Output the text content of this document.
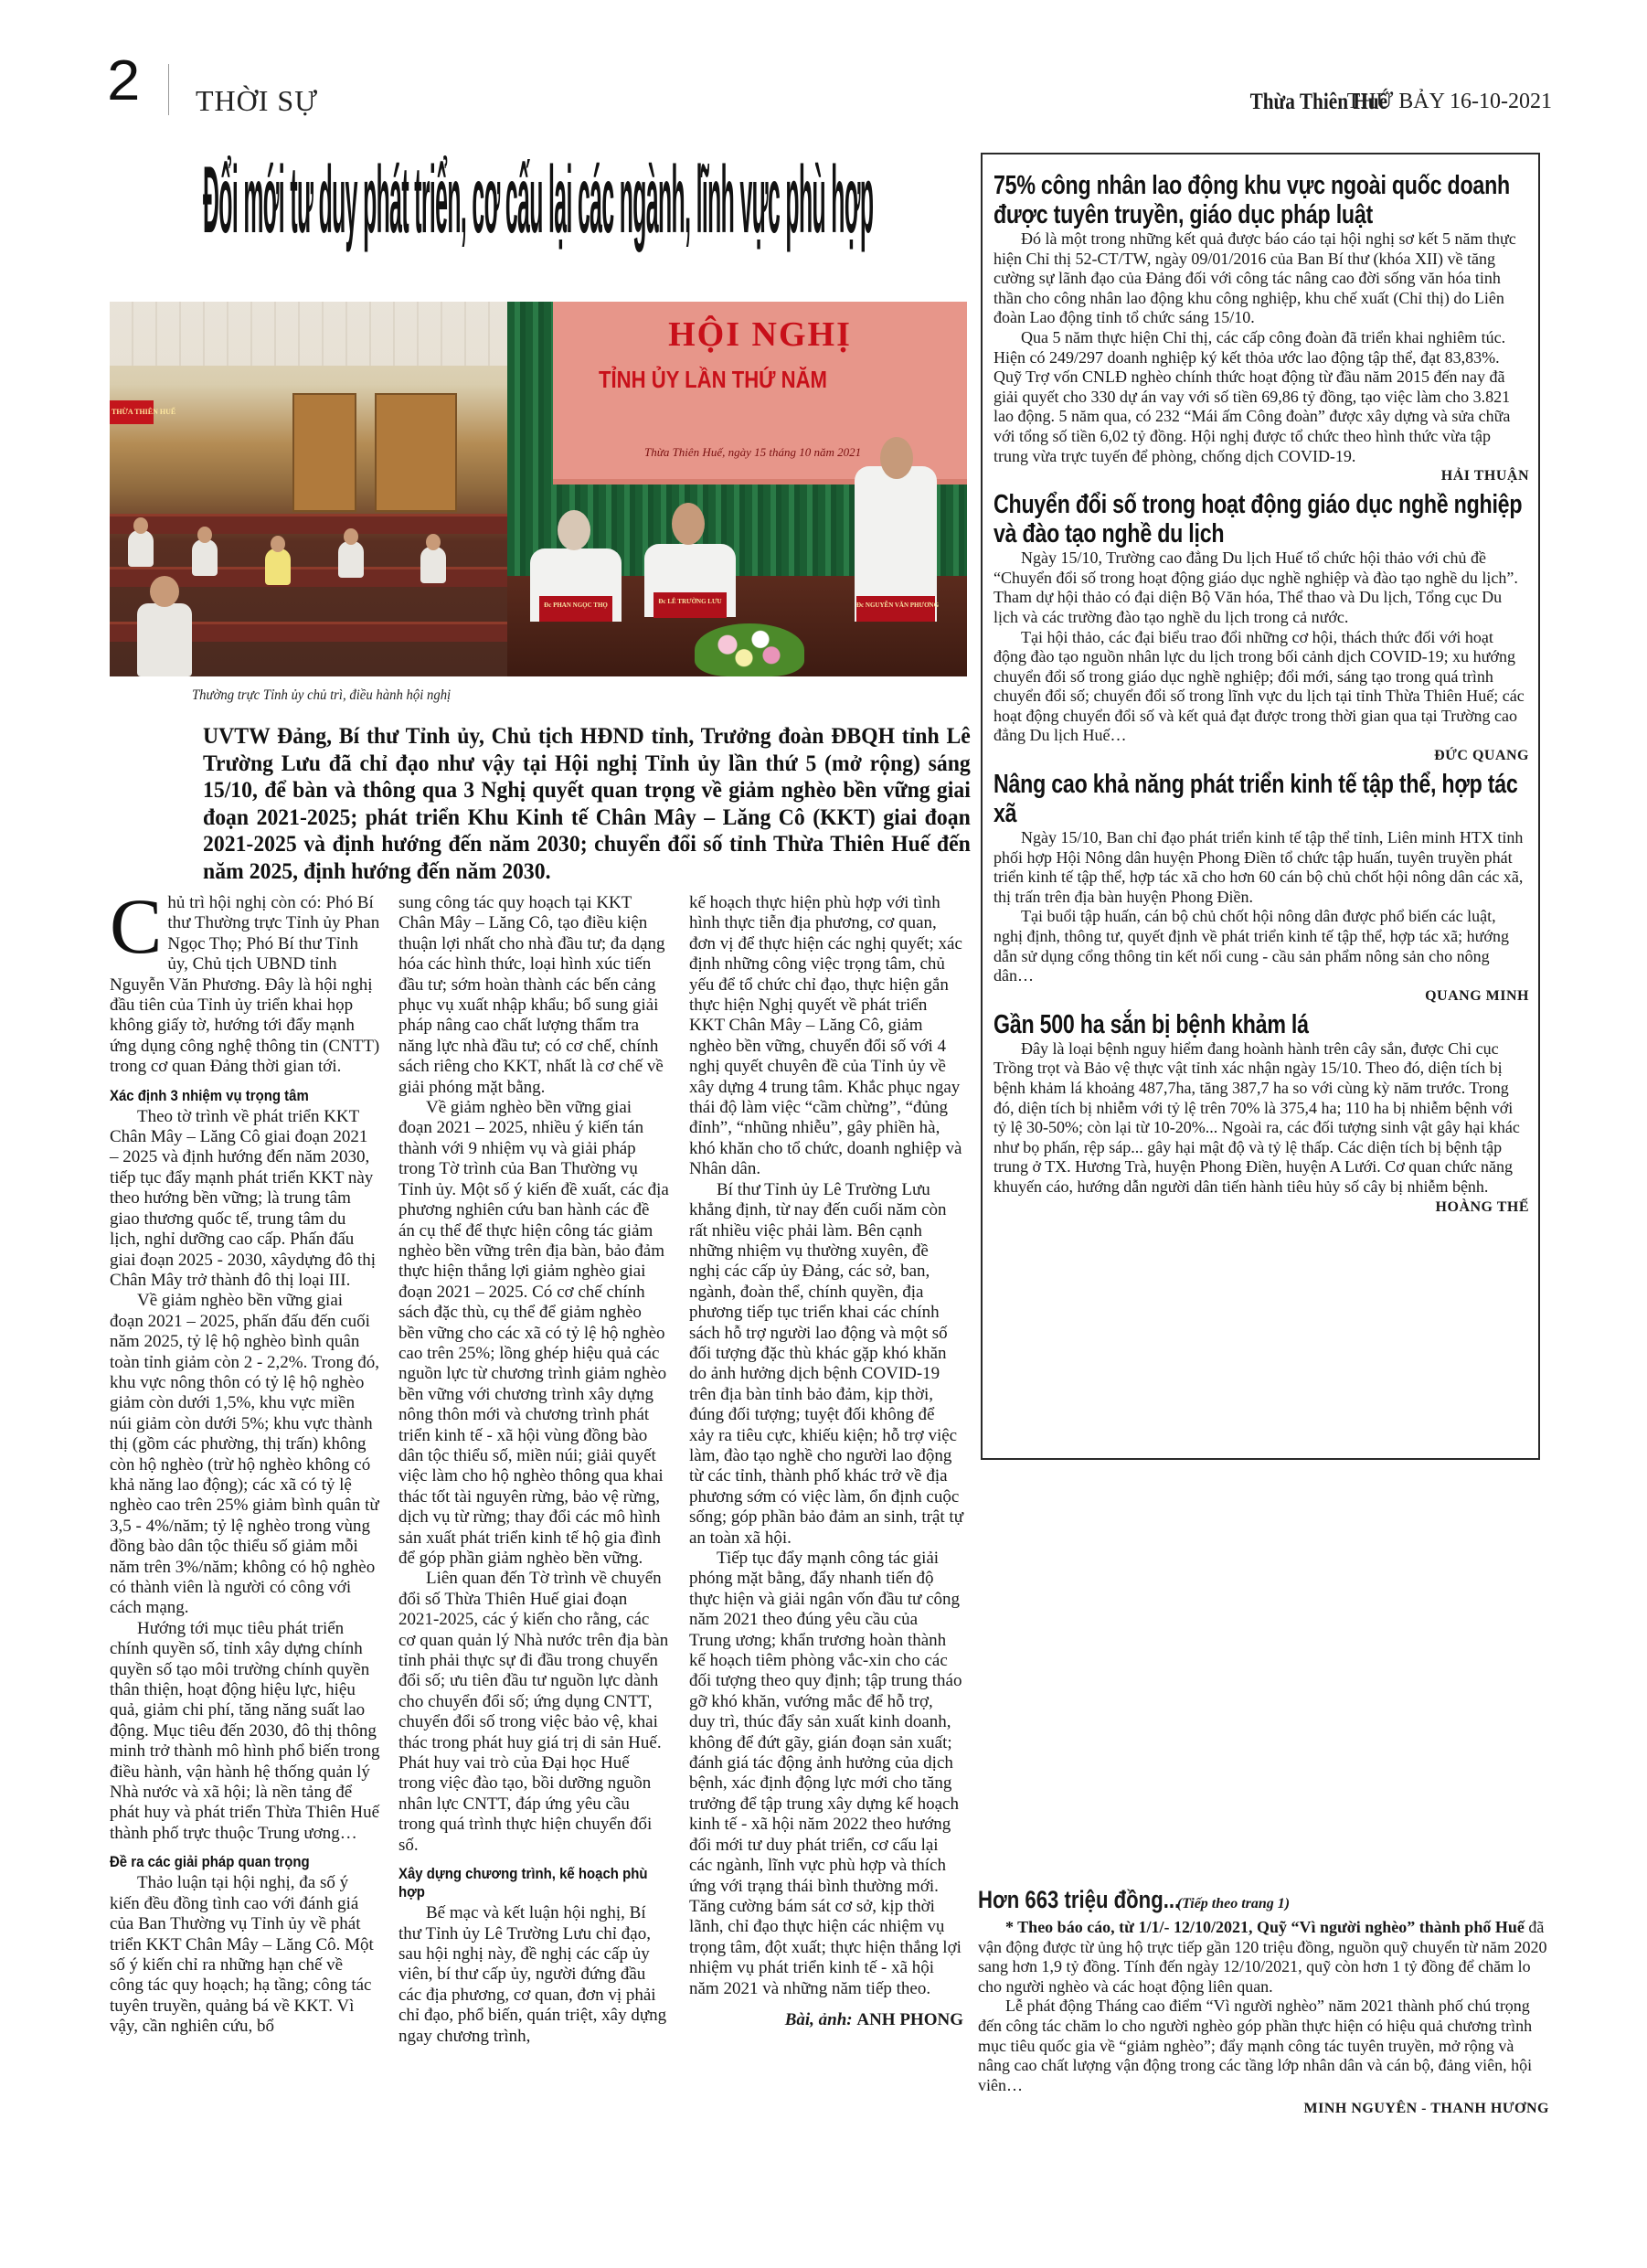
2 THỜI SỰ	Thừa Thiên Huế
THỨ BẢY 16-10-2021
Đổi mới tư duy phát triển, cơ cấu lại các ngành, lĩnh vực phù hợp
THỪA THIÊN HUẾ
HỘI NGHỊ
TỈNH ỦY LẦN THỨ NĂM
Thừa Thiên Huế, ngày 15 tháng 10 năm 2021
Đc PHAN NGỌC THỌ	Đc LÊ TRƯỜNG LƯU	Đc NGUYỄN VĂN PHƯƠNG
Thường trực Tỉnh ủy chủ trì, điều hành hội nghị
UVTW Đảng, Bí thư Tỉnh ủy, Chủ tịch HĐND tỉnh, Trưởng đoàn ĐBQH tỉnh Lê Trường Lưu đã chỉ đạo như vậy tại Hội nghị Tỉnh ủy lần thứ 5 (mở rộng) sáng 15/10, để bàn và thông qua 3 Nghị quyết quan trọng về giảm nghèo bền vững giai đoạn 2021-2025; phát triển Khu Kinh tế Chân Mây – Lăng Cô (KKT) giai đoạn 2021-2025 và định hướng đến năm 2030; chuyển đổi số tỉnh Thừa Thiên Huế đến năm 2025, định hướng đến năm 2030.

Chủ trì hội nghị còn có: Phó Bí thư Thường trực Tỉnh ủy Phan Ngọc Thọ; Phó Bí thư Tỉnh ủy, Chủ tịch UBND tỉnh Nguyễn Văn Phương. Đây là hội nghị đầu tiên của Tỉnh ủy triển khai họp không giấy tờ, hướng tới đẩy mạnh ứng dụng công nghệ thông tin (CNTT) trong cơ quan Đảng thời gian tới.

Xác định 3 nhiệm vụ trọng tâm

Theo tờ trình về phát triển KKT Chân Mây – Lăng Cô giai đoạn 2021 – 2025 và định hướng đến năm 2030, tiếp tục đẩy mạnh phát triển KKT này theo hướng bền vững; là trung tâm giao thương quốc tế, trung tâm du lịch, nghỉ dưỡng cao cấp. Phấn đấu giai đoạn 2025 - 2030, xâydựng đô thị Chân Mây trở thành đô thị loại III.

Về giảm nghèo bền vững giai đoạn 2021 – 2025, phấn đấu đến cuối năm 2025, tỷ lệ hộ nghèo bình quân toàn tỉnh giảm còn 2 - 2,2%. Trong đó, khu vực nông thôn có tỷ lệ hộ nghèo giảm còn dưới 1,5%, khu vực miền núi giảm còn dưới 5%; khu vực thành thị (gồm các phường, thị trấn) không còn hộ nghèo (trừ hộ nghèo không có khả năng lao động); các xã có tỷ lệ nghèo cao trên 25% giảm bình quân từ 3,5 - 4%/năm; tỷ lệ nghèo trong vùng đồng bào dân tộc thiểu số giảm mỗi năm trên 3%/năm; không có hộ nghèo có thành viên là người có công với cách mạng.

Hướng tới mục tiêu phát triển chính quyền số, tỉnh xây dựng chính quyền số tạo môi trường chính quyền thân thiện, hoạt động hiệu lực, hiệu quả, giảm chi phí, tăng năng suất lao động. Mục tiêu đến 2030, đô thị thông minh trở thành mô hình phổ biến trong điều hành, vận hành hệ thống quản lý Nhà nước và xã hội; là nền tảng để phát huy và phát triển Thừa Thiên Huế thành phố trực thuộc Trung ương…

Đề ra các giải pháp quan trọng

Thảo luận tại hội nghị, đa số ý kiến đều đồng tình cao với đánh giá của Ban Thường vụ Tỉnh ủy về phát triển KKT Chân Mây – Lăng Cô. Một số ý kiến chỉ ra những hạn chế về công tác quy hoạch; hạ tầng; công tác tuyên truyền, quảng bá về KKT. Vì vậy, cần nghiên cứu, bổ

sung công tác quy hoạch tại KKT Chân Mây – Lăng Cô, tạo điều kiện thuận lợi nhất cho nhà đầu tư; đa dạng hóa các hình thức, loại hình xúc tiến đầu tư; sớm hoàn thành các bến cảng phục vụ xuất nhập khẩu; bổ sung giải pháp nâng cao chất lượng thẩm tra năng lực nhà đầu tư; có cơ chế, chính sách riêng cho KKT, nhất là cơ chế về giải phóng mặt bằng.

Về giảm nghèo bền vững giai đoạn 2021 – 2025, nhiều ý kiến tán thành với 9 nhiệm vụ và giải pháp trong Tờ trình của Ban Thường vụ Tỉnh ủy. Một số ý kiến đề xuất, các địa phương nghiên cứu ban hành các đề án cụ thể để thực hiện công tác giảm nghèo bền vững trên địa bàn, bảo đảm thực hiện thắng lợi giảm nghèo giai đoạn 2021 – 2025. Có cơ chế chính sách đặc thù, cụ thể để giảm nghèo bền vững cho các xã có tỷ lệ hộ nghèo cao trên 25%; lồng ghép hiệu quả các nguồn lực từ chương trình giảm nghèo bền vững với chương trình xây dựng nông thôn mới và chương trình phát triển kinh tế - xã hội vùng đồng bào dân tộc thiểu số, miền núi; giải quyết việc làm cho hộ nghèo thông qua khai thác tốt tài nguyên rừng, bảo vệ rừng, dịch vụ từ rừng; thay đổi các mô hình sản xuất phát triển kinh tế hộ gia đình để góp phần giảm nghèo bền vững.

Liên quan đến Tờ trình về chuyển đổi số Thừa Thiên Huế giai đoạn 2021-2025, các ý kiến cho rằng, các cơ quan quản lý Nhà nước trên địa bàn tỉnh phải thực sự đi đầu trong chuyển đổi số; ưu tiên đầu tư nguồn lực dành cho chuyển đổi số; ứng dụng CNTT, chuyển đổi số trong việc bảo vệ, khai thác trong phát huy giá trị di sản Huế. Phát huy vai trò của Đại học Huế trong việc đào tạo, bồi dưỡng nguồn nhân lực CNTT, đáp ứng yêu cầu trong quá trình thực hiện chuyển đổi số.

Xây dựng chương trình, kế hoạch phù hợp

Bế mạc và kết luận hội nghị, Bí thư Tỉnh ủy Lê Trường Lưu chỉ đạo, sau hội nghị này, đề nghị các cấp ủy viên, bí thư cấp ủy, người đứng đầu các địa phương, cơ quan, đơn vị phải chỉ đạo, phổ biến, quán triệt, xây dựng ngay chương trình,

kế hoạch thực hiện phù hợp với tình hình thực tiễn địa phương, cơ quan, đơn vị để thực hiện các nghị quyết; xác định những công việc trọng tâm, chủ yếu để tổ chức chỉ đạo, thực hiện gắn thực hiện Nghị quyết về phát triển KKT Chân Mây – Lăng Cô, giảm nghèo bền vững, chuyển đổi số với 4 nghị quyết chuyên đề của Tỉnh ủy về xây dựng 4 trung tâm. Khắc phục ngay thái độ làm việc “cầm chừng”, “đủng đỉnh”, “nhũng nhiễu”, gây phiền hà, khó khăn cho tổ chức, doanh nghiệp và Nhân dân.

Bí thư Tỉnh ủy Lê Trường Lưu khẳng định, từ nay đến cuối năm còn rất nhiều việc phải làm. Bên cạnh những nhiệm vụ thường xuyên, đề nghị các cấp ủy Đảng, các sở, ban, ngành, đoàn thể, chính quyền, địa phương tiếp tục triển khai các chính sách hỗ trợ người lao động và một số đối tượng đặc thù khác gặp khó khăn do ảnh hưởng dịch bệnh COVID-19 trên địa bàn tỉnh bảo đảm, kịp thời, đúng đối tượng; tuyệt đối không để xảy ra tiêu cực, khiếu kiện; hỗ trợ việc làm, đào tạo nghề cho người lao động từ các tỉnh, thành phố khác trở về địa phương sớm có việc làm, ổn định cuộc sống; góp phần bảo đảm an sinh, trật tự an toàn xã hội.

Tiếp tục đẩy mạnh công tác giải phóng mặt bằng, đẩy nhanh tiến độ thực hiện và giải ngân vốn đầu tư công năm 2021 theo đúng yêu cầu của Trung ương; khẩn trương hoàn thành kế hoạch tiêm phòng vắc-xin cho các đối tượng theo quy định; tập trung tháo gỡ khó khăn, vướng mắc để hỗ trợ, duy trì, thúc đẩy sản xuất kinh doanh, không để đứt gãy, gián đoạn sản xuất; đánh giá tác động ảnh hưởng của dịch bệnh, xác định động lực mới cho tăng trưởng để tập trung xây dựng kế hoạch kinh tế - xã hội năm 2022 theo hướng đổi mới tư duy phát triển, cơ cấu lại các ngành, lĩnh vực phù hợp và thích ứng với trạng thái bình thường mới. Tăng cường bám sát cơ sở, kịp thời lãnh, chỉ đạo thực hiện các nhiệm vụ trọng tâm, đột xuất; thực hiện thắng lợi nhiệm vụ phát triển kinh tế - xã hội năm 2021 và những năm tiếp theo.

Bài, ảnh: ANH PHONG
75% công nhân lao động khu vực ngoài quốc doanh được tuyên truyền, giáo dục pháp luật

Đó là một trong những kết quả được báo cáo tại hội nghị sơ kết 5 năm thực hiện Chỉ thị 52-CT/TW, ngày 09/01/2016 của Ban Bí thư (khóa XII) về tăng cường sự lãnh đạo của Đảng đối với công tác nâng cao đời sống văn hóa tinh thần cho công nhân lao động khu công nghiệp, khu chế xuất (Chỉ thị) do Liên đoàn Lao động tỉnh tổ chức sáng 15/10.

Qua 5 năm thực hiện Chỉ thị, các cấp công đoàn đã triển khai nghiêm túc. Hiện có 249/297 doanh nghiệp ký kết thỏa ước lao động tập thể, đạt 83,83%. Quỹ Trợ vốn CNLĐ nghèo chính thức hoạt động từ đầu năm 2015 đến nay đã giải quyết cho 330 dự án vay với số tiền 69,86 tỷ đồng, tạo việc làm cho 3.821 lao động. 5 năm qua, có 232 “Mái ấm Công đoàn” được xây dựng và sửa chữa với tổng số tiền 6,02 tỷ đồng. Hội nghị được tổ chức theo hình thức vừa tập trung vừa trực tuyến để phòng, chống dịch COVID-19.

HẢI THUẬN
Chuyển đổi số trong hoạt động giáo dục nghề nghiệp và đào tạo nghề du lịch

Ngày 15/10, Trường cao đẳng Du lịch Huế tổ chức hội thảo với chủ đề “Chuyển đổi số trong hoạt động giáo dục nghề nghiệp và đào tạo nghề du lịch”. Tham dự hội thảo có đại diện Bộ Văn hóa, Thể thao và Du lịch, Tổng cục Du lịch và các trường đào tạo nghề du lịch trong cả nước.

Tại hội thảo, các đại biểu trao đổi những cơ hội, thách thức đối với hoạt động đào tạo nguồn nhân lực du lịch trong bối cảnh dịch COVID-19; xu hướng chuyển đổi số trong giáo dục nghề nghiệp; đổi mới, sáng tạo trong quá trình chuyển đổi số; chuyển đổi số trong lĩnh vực du lịch tại tỉnh Thừa Thiên Huế; các hoạt động chuyển đổi số và kết quả đạt được trong thời gian qua tại Trường cao đẳng Du lịch Huế…

ĐỨC QUANG
Nâng cao khả năng phát triển kinh tế tập thể, hợp tác xã

Ngày 15/10, Ban chỉ đạo phát triển kinh tế tập thể tỉnh, Liên minh HTX tỉnh phối hợp Hội Nông dân huyện Phong Điền tổ chức tập huấn, tuyên truyền phát triển kinh tế tập thể, hợp tác xã cho hơn 60 cán bộ chủ chốt hội nông dân các xã, thị trấn trên địa bàn huyện Phong Điền.

Tại buổi tập huấn, cán bộ chủ chốt hội nông dân được phổ biến các luật, nghị định, thông tư, quyết định về phát triển kinh tế tập thể, hợp tác xã; hướng dẫn sử dụng cổng thông tin kết nối cung - cầu sản phẩm nông sản cho nông dân…

QUANG MINH
Gần 500 ha sắn bị bệnh khảm lá

Đây là loại bệnh nguy hiểm đang hoành hành trên cây sắn, được Chi cục Trồng trọt và Bảo vệ thực vật tỉnh xác nhận ngày 15/10. Theo đó, diện tích bị bệnh khảm lá khoảng 487,7ha, tăng 387,7 ha so với cùng kỳ năm trước. Trong đó, diện tích bị nhiễm với tỷ lệ trên 70% là 375,4 ha; 110 ha bị nhiễm bệnh với tỷ lệ 30-50%; còn lại từ 10-20%... Ngoài ra, các đối tượng sinh vật gây hại khác như bọ phấn, rệp sáp... gây hại mật độ và tỷ lệ thấp. Các diện tích bị bệnh tập trung ở TX. Hương Trà, huyện Phong Điền, huyện A Lưới. Cơ quan chức năng khuyến cáo, hướng dẫn người dân tiến hành tiêu hủy số cây bị nhiễm bệnh.

HOÀNG THẾ
Hơn 663 triệu đồng...
(Tiếp theo trang 1)

* Theo báo cáo, từ 1/1/- 12/10/2021, Quỹ “Vì người nghèo” thành phố Huế đã vận động được từ ủng hộ trực tiếp gần 120 triệu đồng, nguồn quỹ chuyển từ năm 2020 sang hơn 1,9 tỷ đồng. Tính đến ngày 12/10/2021, quỹ còn hơn 1 tỷ đồng để chăm lo cho người nghèo và các hoạt động liên quan.

Lễ phát động Tháng cao điểm “Vì người nghèo” năm 2021 thành phố chú trọng đến công tác chăm lo cho người nghèo góp phần thực hiện có hiệu quả chương trình mục tiêu quốc gia về “giảm nghèo”; đẩy mạnh công tác tuyên truyền, mở rộng và nâng cao chất lượng vận động trong các tầng lớp nhân dân và cán bộ, đảng viên, hội viên…

MINH NGUYÊN - THANH HƯƠNG
